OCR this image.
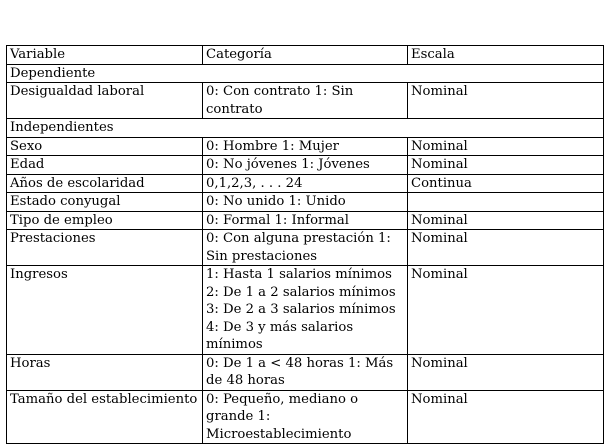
Variable	Categoría	Escala
Dependiente		
Desigualdad laboral	0: Con contrato 1: Sin contrato	Nominal
Independientes		
Sexo	0: Hombre 1: Mujer	Nominal
Edad	0: No jóvenes 1: Jóvenes	Nominal
Años de escolaridad	0,1,2,3, . . . 24	Continua
Estado conyugal	0: No unido 1: Unido	
Tipo de empleo	0: Formal 1: Informal	Nominal
Prestaciones	0: Con alguna prestación 1: Sin prestaciones	Nominal
Ingresos	1: Hasta 1 salarios mínimos 2: De 1 a 2 salarios mínimos 3: De 2 a 3 salarios mínimos 4: De 3 y más salarios mínimos	Nominal
Horas	0: De 1 a < 48 horas 1: Más de 48 horas	Nominal
Tamaño del establecimiento	0: Pequeño, mediano o grande 1: Microestablecimiento	Nominal
